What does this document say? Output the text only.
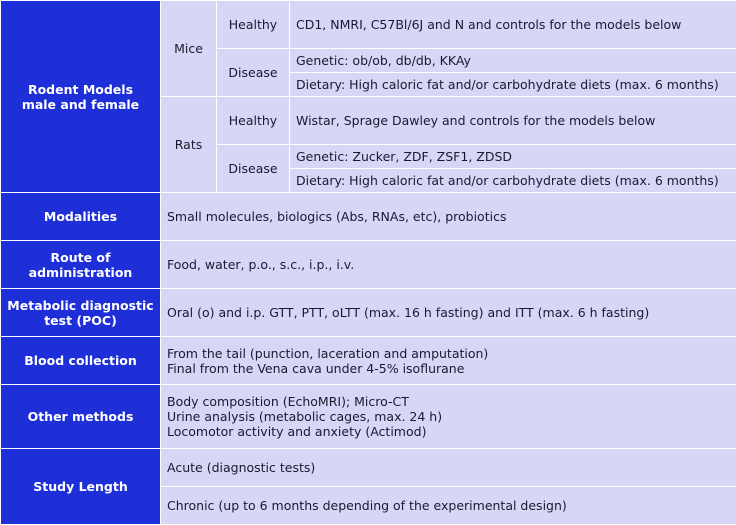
Rodent Models
male and female	Mice	Healthy	CD1, NMRI, C57Bl/6J and N and controls for the models below

		Disease	Genetic: ob/ob, db/db, KKAy
			Dietary: High caloric fat and/or carbohydrate diets (max. 6 months)
	Rats	Healthy	Wistar, Sprage Dawley and controls for the models below

		Disease	Genetic: Zucker, ZDF, ZSF1, ZDSD
			Dietary: High caloric fat and/or carbohydrate diets (max. 6 months)
Modalities	Small molecules, biologics (Abs, RNAs, etc), probiotics		

Route of
administration	Food, water, p.o., s.c., i.p., i.v.		

Metabolic diagnostic
test (POC)	Oral (o) and i.p. GTT, PTT, oLTT (max. 16 h fasting) and ITT (max. 6 h fasting)		
Blood collection	From the tail (punction, laceration and amputation)
Final from the Vena cava under 4-5% isoflurane		

Other methods	Body composition (EchoMRI); Micro-CT
Urine analysis (metabolic cages, max. 24 h)
Locomotor activity and anxiety (Actimod)		

Study Length	Acute (diagnostic tests)		
	Chronic (up to 6 months depending of the experimental design)		
